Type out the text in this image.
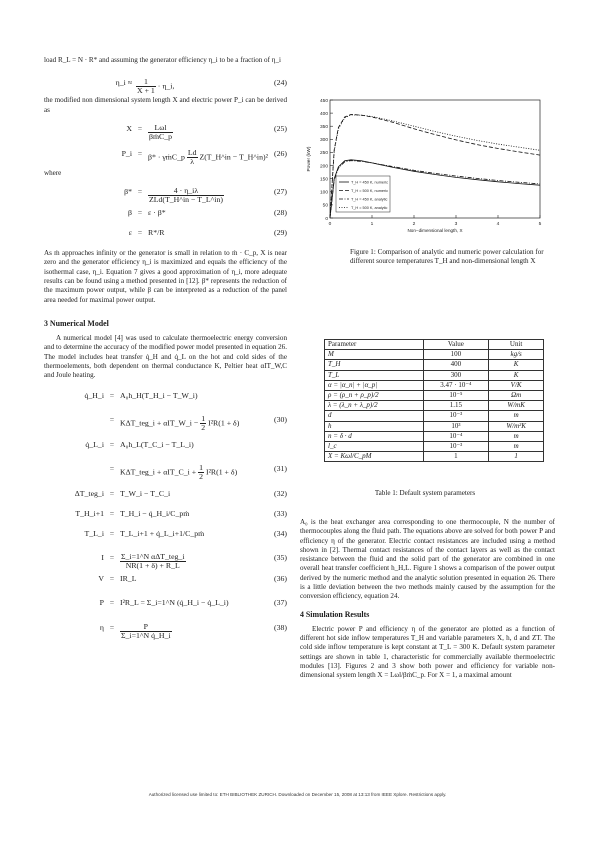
load R_L = N · R* and assuming the generator efficiency η_i to be a fraction of η_i

η_i ≈ $\frac{1}{X + 1}$ · η_i,	(24)

the modified non dimensional system length X and electric power P_i can be derived as

$X = \frac{\text{Lωl}}{\text{βṁC\_p}}$	(25)
P_i = β* · γṁC_p $\frac{Ld}{\lambda}$ Z(T_H^in − T_H^in)² (26)

where

$\beta* = \frac{4 \cdot \eta\_i\lambda}{\text{ZLd(T\_H\textasciicircum{}in − T\_L\textasciicircum{}in)}}$	(27)
β = ε · β*	(28)
ε = R*/R	(29)

As ṁ approaches infinity or the generator is small in relation to ṁ · C_p, X is near zero and the generator efficiency η_i is maximized and equals the efficiency of the isothermal case, η_i. Equation 7 gives a good approximation of η_i, more adequate results can be found using a method presented in [12]. β* represents the reduction of the maximum power output, while β can be interpreted as a reduction of the panel area needed for maximal power output.

3 Numerical Model

A numerical model [4] was used to calculate thermoelectric energy conversion and to determine the accuracy of the modified power model presented in equation 26. The model includes heat transfer q̇_H and q̇_L on the hot and cold sides of the thermoelements, both dependent on thermal conductance K, Peltier heat αIT_W,C and Joule heating.

q̇_H_i = A₀h_H(T_H_i − T_W_i)
= KΔT_teg_i + αIT_W_i − $\frac{1}{2} I^2R(1 + \delta)$	(30)
q̇_L_i = A₀h_L(T_C_i − T_L_i)
= KΔT_teg_i + αIT_C_i + $\frac{1}{2} I^2R(1 + \delta)$	(31)
ΔT_teg_i = T_W_i − T_C_i	(32)
T_H_i+1 = T_H_i − q̇_H_i/C_pṁ	(33)
T_L_i = T_L_i+1 + q̇_L_i+1/C_pṁ	(34)
$I = \frac{\text{Σ\_i=1\textasciicircum{}N αΔT\_teg\_i}}{NR(1 + \delta) + R\_L}$	(35)
V = IR_L	(36)
P = I²R_L = Σ_i=1^N (q̇_H_i − q̇_L_i)	(37)
$\eta = \frac{P}{\text{Σ\_i=1\textasciicircum{}N q̇\_H\_i}}$	(38)
0
50
100
150
200
250
300
350
400
450
0	1	2	3	4	5
Non−dimensional length, X
Power (kW)
T_H = 450 K, numeric
T_H = 500 K, numeric
T_H = 450 K, analytic
T_H = 500 K, analytic

Figure 1: Comparison of analytic and numeric power calculation for different source temperatures T_H and non-dimensional length X

Parameter	Value	Unit
M	100	kg/s
T_H	400	K
T_L	300	K
α = |α_n| + |α_p|	3.47 · 10⁻⁴	V/K
ρ = (ρ_n + ρ_p)/2	10⁻⁵	Ωm
λ = (λ_n + λ_p)/2	1.15	W/mK
d	10⁻³	m
h	10³	W/m²K
n = δ · d	10⁻⁴	m
l_c	10⁻³	m
X = Kωl/C_pM	1	1
Table 1: Default system parameters

A₀ is the heat exchanger area corresponding to one thermocouple, N the number of thermocouples along the fluid path. The equations above are solved for both power P and efficiency η of the generator. Electric contact resistances are included using a method shown in [2]. Thermal contact resistances of the contact layers as well as the contact resistance between the fluid and the solid part of the generator are combined in one overall heat transfer coefficient h_H,L. Figure 1 shows a comparison of the power output derived by the numeric method and the analytic solution presented in equation 26. There is a little deviation between the two methods mainly caused by the assumption for the conversion efficiency, equation 24.

4 Simulation Results

Electric power P and efficiency η of the generator are plotted as a function of different hot side inflow temperatures T_H and variable parameters X, h, d and ZT. The cold side inflow temperature is kept constant at T_L = 300 K. Default system parameter settings are shown in table 1, characteristic for commercially available thermoelectric modules [13]. Figures 2 and 3 show both power and efficiency for variable non-dimensional system length X = Lωl/βṁC_p. For X = 1, a maximal amount

Authorized licensed use limited to: ETH BIBLIOTHEK ZURICH. Downloaded on December 15, 2008 at 13:13 from IEEE Xplore. Restrictions apply.
